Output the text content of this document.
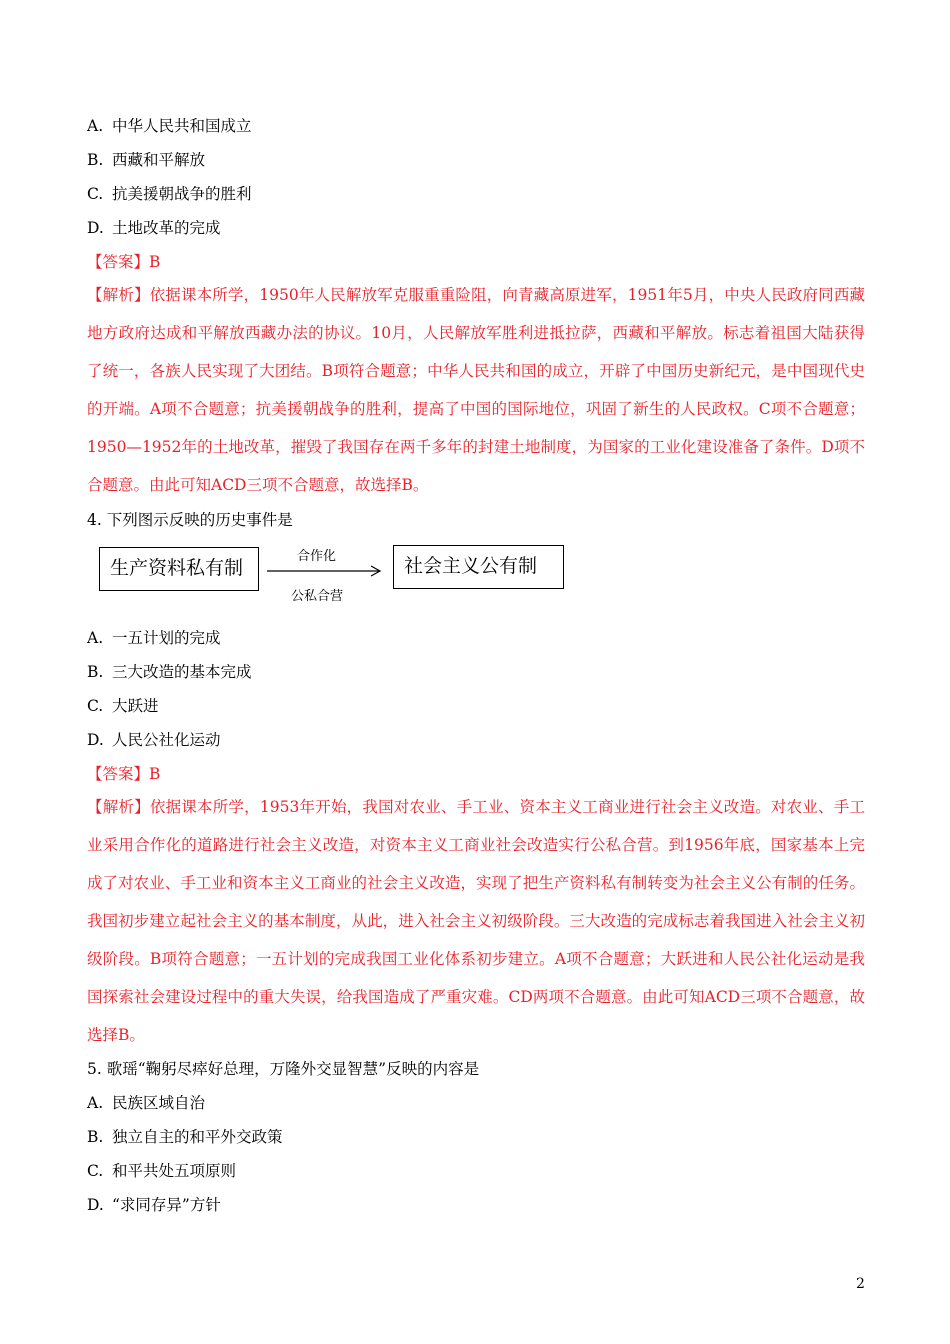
A. 中华人民共和国成立
B. 西藏和平解放
C. 抗美援朝战争的胜利
D. 土地改革的完成
【答案】B
【解析】依据课本所学，1950年人民解放军克服重重险阻，向青藏高原进军，1951年5月，中央人民政府同西藏地方政府达成和平解放西藏办法的协议。10月，人民解放军胜利进抵拉萨，西藏和平解放。标志着祖国大陆获得了统一，各族人民实现了大团结。B项符合题意；中华人民共和国的成立，开辟了中国历史新纪元，是中国现代史的开端。A项不合题意；抗美援朝战争的胜利，提高了中国的国际地位，巩固了新生的人民政权。C项不合题意；1950—1952年的土地改革，摧毁了我国存在两千多年的封建土地制度，为国家的工业化建设准备了条件。D项不合题意。由此可知ACD三项不合题意，故选择B。
4. 下列图示反映的历史事件是
生产资料私有制
合作化
公私合营
社会主义公有制
A. 一五计划的完成
B. 三大改造的基本完成
C. 大跃进
D. 人民公社化运动
【答案】B
【解析】依据课本所学，1953年开始，我国对农业、手工业、资本主义工商业进行社会主义改造。对农业、手工业采用合作化的道路进行社会主义改造，对资本主义工商业社会改造实行公私合营。到1956年底，国家基本上完成了对农业、手工业和资本主义工商业的社会主义改造，实现了把生产资料私有制转变为社会主义公有制的任务。我国初步建立起社会主义的基本制度，从此，进入社会主义初级阶段。三大改造的完成标志着我国进入社会主义初级阶段。B项符合题意；一五计划的完成我国工业化体系初步建立。A项不合题意；大跃进和人民公社化运动是我国探索社会建设过程中的重大失误，给我国造成了严重灾难。CD两项不合题意。由此可知ACD三项不合题意，故选择B。
5. 歌瑶“鞠躬尽瘁好总理，万隆外交显智慧”反映的内容是
A. 民族区域自治
B. 独立自主的和平外交政策
C. 和平共处五项原则
D. “求同存异”方针
2
